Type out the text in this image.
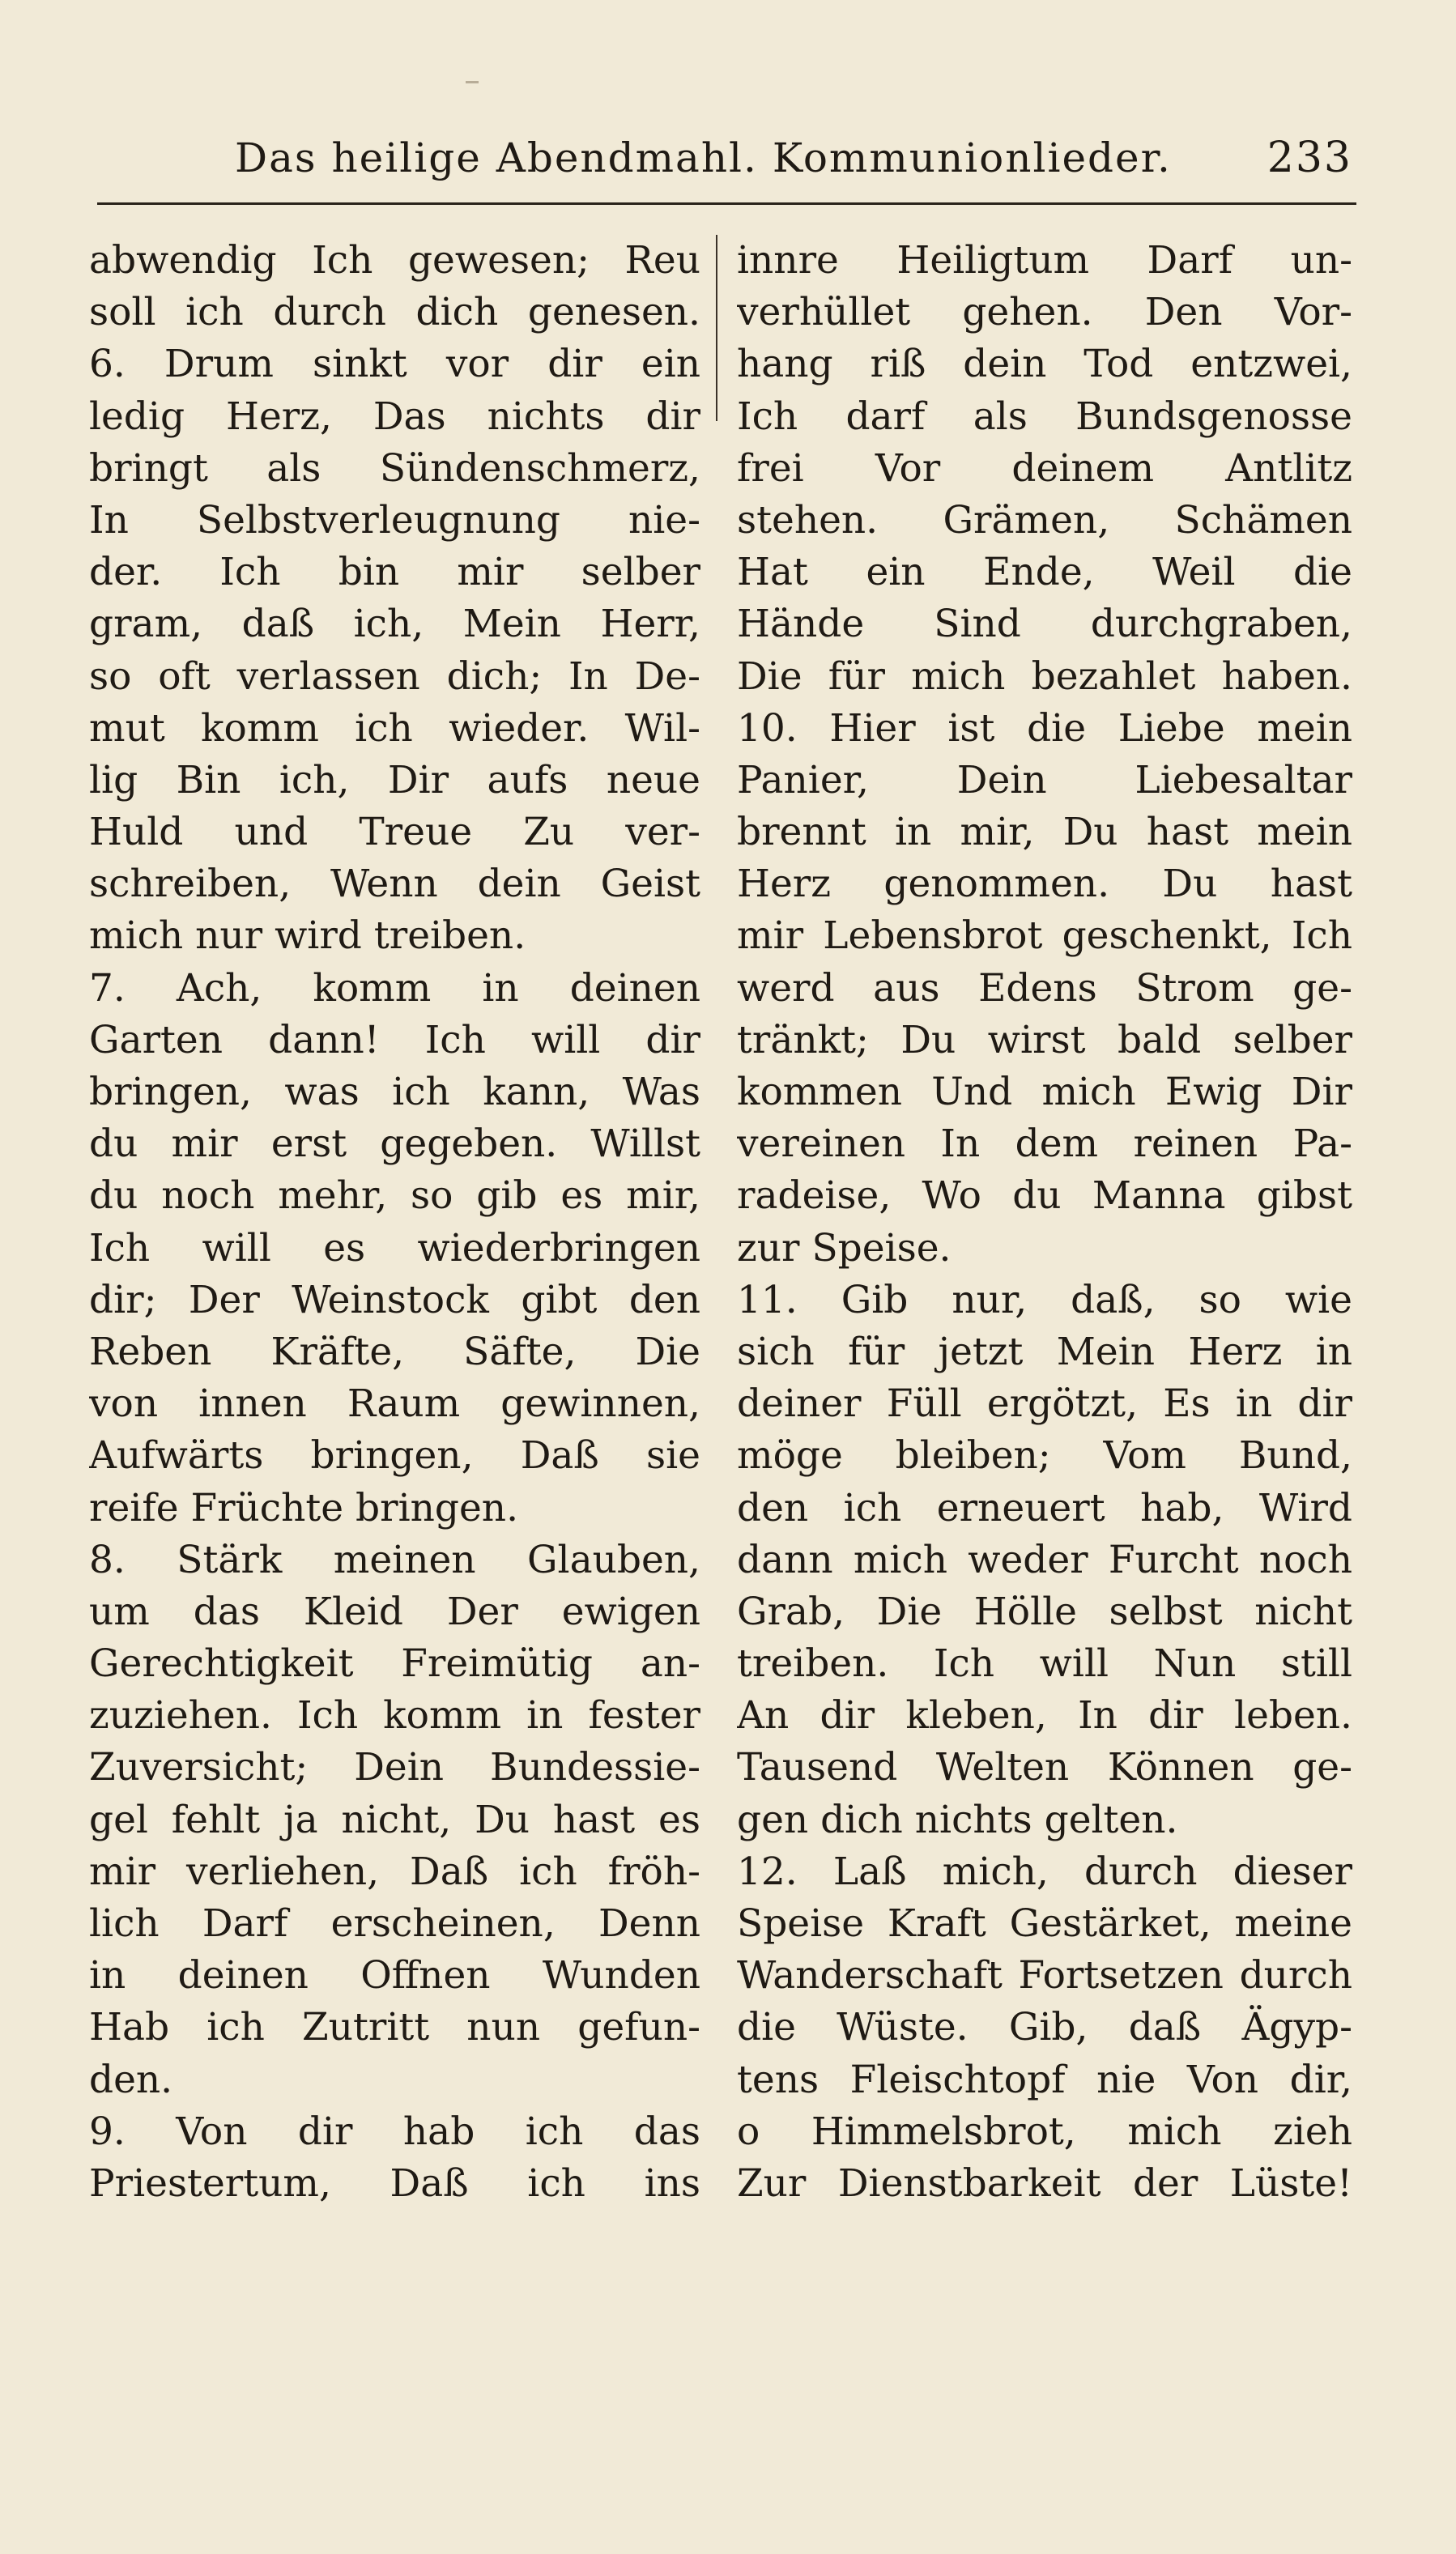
Das heilige Abendmahl. Kommunionlieder.	233
abwendig Ich gewesen; Reu
soll ich durch dich genesen.
6. Drum sinkt vor dir ein
ledig Herz, Das nichts dir
bringt als Sündenschmerz,
In Selbstverleugnung nie-
der. Ich bin mir selber
gram, daß ich, Mein Herr,
so oft verlassen dich; In De-
mut komm ich wieder. Wil-
lig Bin ich, Dir aufs neue
Huld und Treue Zu ver-
schreiben, Wenn dein Geist
mich nur wird treiben.
7. Ach, komm in deinen
Garten dann! Ich will dir
bringen, was ich kann, Was
du mir erst gegeben. Willst
du noch mehr, so gib es mir,
Ich will es wiederbringen
dir; Der Weinstock gibt den
Reben Kräfte, Säfte, Die
von innen Raum gewinnen,
Aufwärts bringen, Daß sie
reife Früchte bringen.
8. Stärk meinen Glauben,
um das Kleid Der ewigen
Gerechtigkeit Freimütig an-
zuziehen. Ich komm in fester
Zuversicht; Dein Bundessie-
gel fehlt ja nicht, Du hast es
mir verliehen, Daß ich fröh-
lich Darf erscheinen, Denn
in deinen Offnen Wunden
Hab ich Zutritt nun gefun-
den.
9. Von dir hab ich das
Priestertum, Daß ich ins
innre Heiligtum Darf un-
verhüllet gehen. Den Vor-
hang riß dein Tod entzwei,
Ich darf als Bundsgenosse
frei Vor deinem Antlitz
stehen. Grämen, Schämen
Hat ein Ende, Weil die
Hände Sind durchgraben,
Die für mich bezahlet haben.
10. Hier ist die Liebe mein
Panier, Dein Liebesaltar
brennt in mir, Du hast mein
Herz genommen. Du hast
mir Lebensbrot geschenkt, Ich
werd aus Edens Strom ge-
tränkt; Du wirst bald selber
kommen Und mich Ewig Dir
vereinen In dem reinen Pa-
radeise, Wo du Manna gibst
zur Speise.
11. Gib nur, daß, so wie
sich für jetzt Mein Herz in
deiner Füll ergötzt, Es in dir
möge bleiben; Vom Bund,
den ich erneuert hab, Wird
dann mich weder Furcht noch
Grab, Die Hölle selbst nicht
treiben. Ich will Nun still
An dir kleben, In dir leben.
Tausend Welten Können ge-
gen dich nichts gelten.
12. Laß mich, durch dieser
Speise Kraft Gestärket, meine
Wanderschaft Fortsetzen durch
die Wüste. Gib, daß Ägyp-
tens Fleischtopf nie Von dir,
o Himmelsbrot, mich zieh
Zur Dienstbarkeit der Lüste!
